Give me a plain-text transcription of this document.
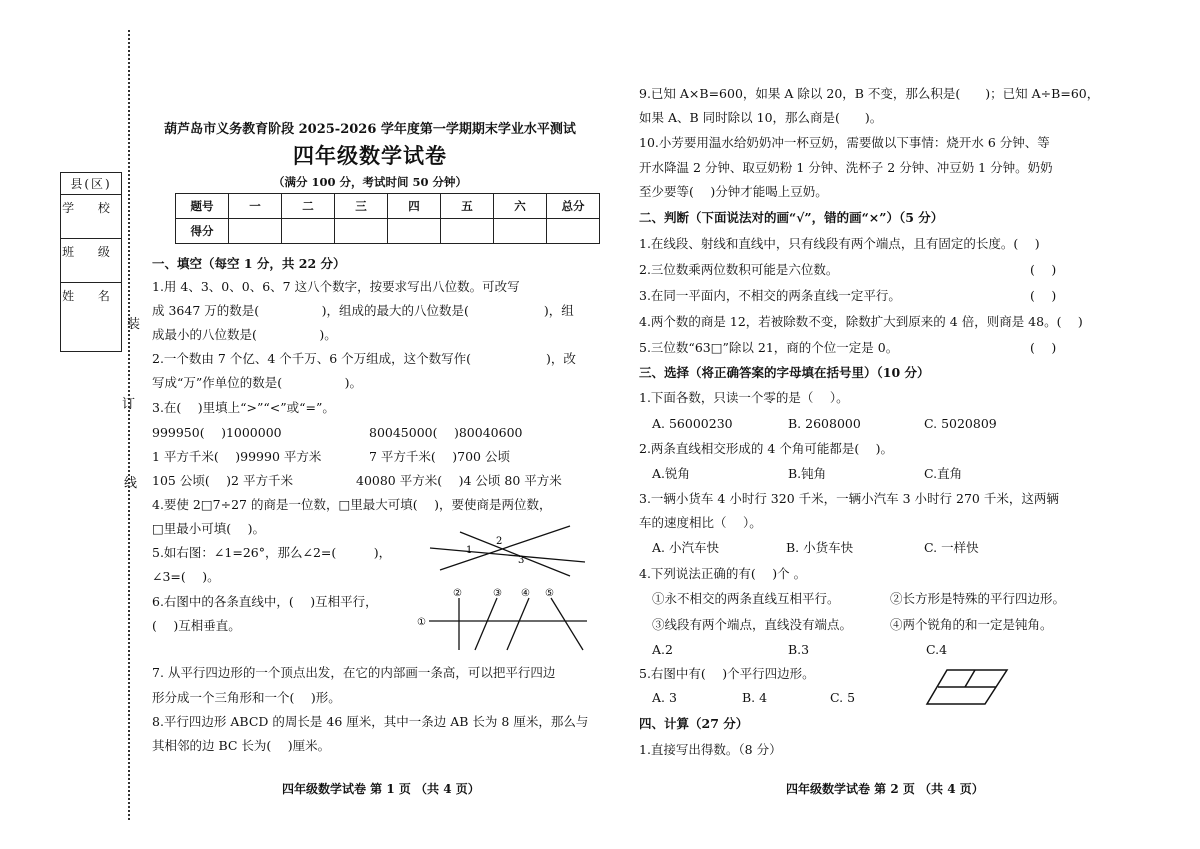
装
订
线
县(区)
学 校
班 级
姓 名
葫芦岛市义务教育阶段 2025-2026 学年度第一学期期末学业水平测试
四年级数学试卷
（满分 100 分，考试时间 50 分钟）
题号	一	二	三	四	五	六	总分
得分							
一、填空（每空 1 分，共 22 分）
1.用 4、3、0、0、6、7 这八个数字，按要求写出八位数。可改写
成 3647 万的数是(　　　　　)，组成的最大的八位数是(　　　　　　)，组
成最小的八位数是(　　　　　)。
2.一个数由 7 个亿、4 个千万、6 个万组成，这个数写作(　　　　　　)，改
写成“万”作单位的数是(　　　　　)。
3.在(　 )里填上“>”“<”或“=”。
999950(　 )1000000	80045000(　 )80040600
1 平方千米(　 )99990 平方米	7 平方千米(　 )700 公顷
105 公顷(　 )2 平方千米	40080 平方米(　 )4 公顷 80 平方米
4.要使 2□7÷27 的商是一位数，□里最大可填(　 )，要使商是两位数，
□里最小可填(　 )。
5.如右图：∠1=26°，那么∠2=(　　　)，
∠3=(　 )。
6.右图中的各条直线中，(　 )互相平行，
(　 )互相垂直。
7. 从平行四边形的一个顶点出发，在它的内部画一条高，可以把平行四边
形分成一个三角形和一个(　 )形。
8.平行四边形 ABCD 的周长是 46 厘米，其中一条边 AB 长为 8 厘米，那么与
其相邻的边 BC 长为(　 )厘米。
1
2
3
①
②	③ ④ ⑤
四年级数学试卷 第 1 页 （共 4 页）
9.已知 A×B=600，如果 A 除以 20，B 不变，那么积是(　　)；已知 A÷B=60，
如果 A、B 同时除以 10，那么商是(　　)。
10.小芳要用温水给奶奶冲一杯豆奶，需要做以下事情：烧开水 6 分钟、等
开水降温 2 分钟、取豆奶粉 1 分钟、洗杯子 2 分钟、冲豆奶 1 分钟。奶奶
至少要等(　 )分钟才能喝上豆奶。
二、判断（下面说法对的画“√”，错的画“×”）（5 分）
1.在线段、射线和直线中，只有线段有两个端点，且有固定的长度。(　 )
2.三位数乘两位数积可能是六位数。	(　 )
3.在同一平面内，不相交的两条直线一定平行。	(　 )
4.两个数的商是 12，若被除数不变，除数扩大到原来的 4 倍，则商是 48。(　 )
5.三位数“63□”除以 21，商的个位一定是 0。	(　 )
三、选择（将正确答案的字母填在括号里）（10 分）
1.下面各数，只读一个零的是（　 ）。
A. 56000230	B. 2608000	C. 5020809
2.两条直线相交形成的 4 个角可能都是(　 )。
A.锐角	B.钝角	C.直角
3.一辆小货车 4 小时行 320 千米，一辆小汽车 3 小时行 270 千米，这两辆
车的速度相比（　 ）。
A. 小汽车快	B. 小货车快	C. 一样快
4.下列说法正确的有(　 )个 。
①永不相交的两条直线互相平行。	②长方形是特殊的平行四边形。
③线段有两个端点，直线没有端点。	④两个锐角的和一定是钝角。
A.2	B.3	C.4
5.右图中有(　 )个平行四边形。
A. 3	B. 4	C. 5
四、计算（27 分）
1.直接写出得数。（8 分）
四年级数学试卷 第 2 页 （共 4 页）
